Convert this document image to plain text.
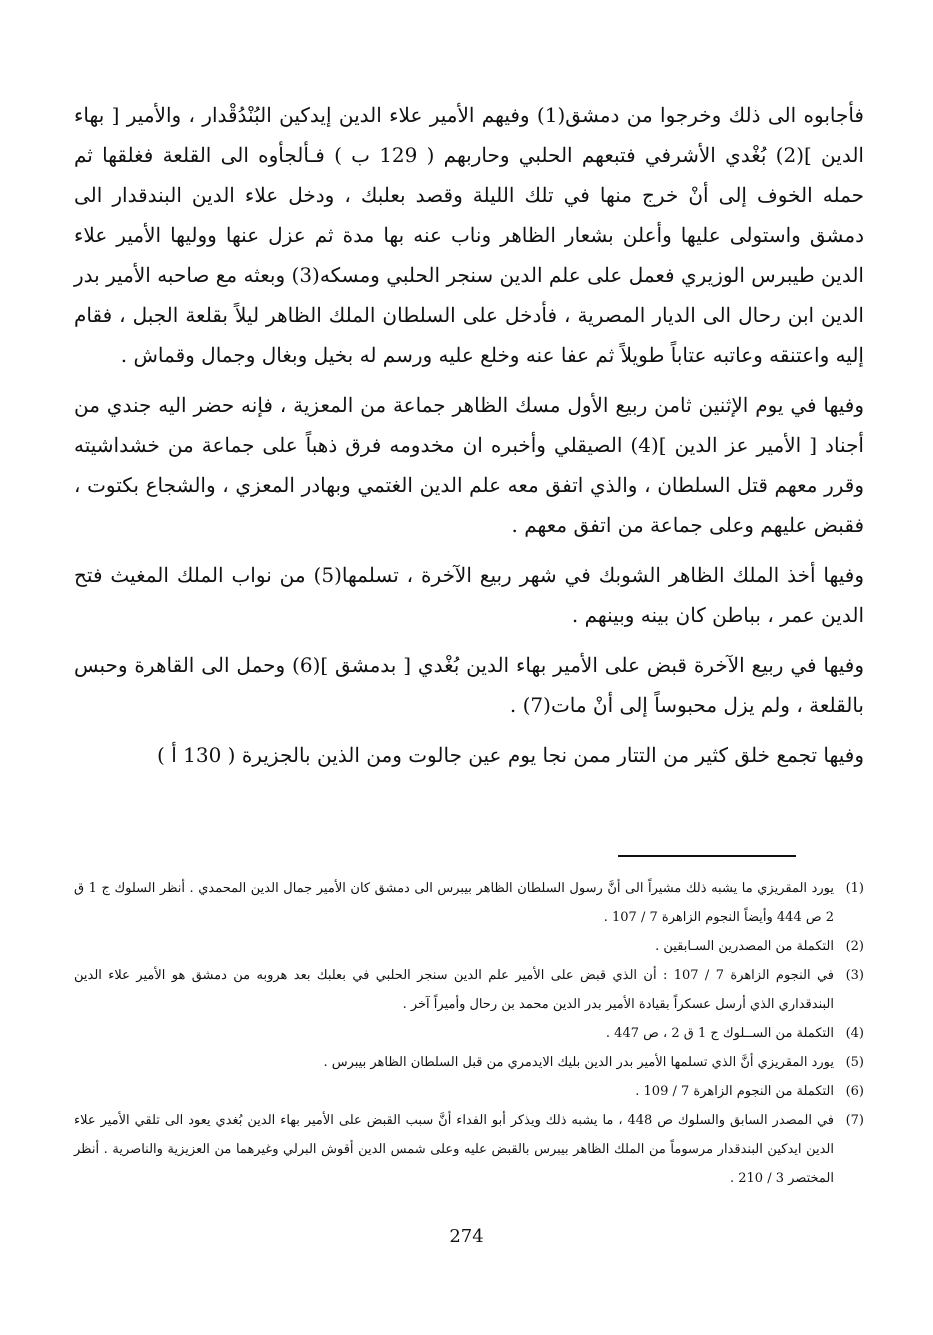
فأجابوه الى ذلك وخرجوا من دمشق(1) وفيهم الأمير علاء الدين إيدكين البُنْدُقْدار ، والأمير [ بهاء الدين ](2) بُغْدي الأشرفي فتبعهم الحلبي وحاربهم ( 129 ب ) فـألجأوه الى القلعة فغلقها ثم حمله الخوف إلى أنْ خرج منها في تلك الليلة وقصد بعلبك ، ودخل علاء الدين البندقدار الى دمشق واستولى عليها وأعلن بشعار الظاهر وناب عنه بها مدة ثم عزل عنها ووليها الأمير علاء الدين طيبرس الوزيري فعمل على علم الدين سنجر الحلبي ومسكه(3) وبعثه مع صاحبه الأمير بدر الدين ابن رحال الى الديار المصرية ، فأدخل على السلطان الملك الظاهر ليلاً بقلعة الجبل ، فقام إليه واعتنقه وعاتبه عتاباً طويلاً ثم عفا عنه وخلع عليه ورسم له بخيل وبغال وجمال وقماش .

وفيها في يوم الإثنين ثامن ربيع الأول مسك الظاهر جماعة من المعزية ، فإنه حضر اليه جندي من أجناد [ الأمير عز الدين ](4) الصيقلي وأخبره ان مخدومه فرق ذهباً على جماعة من خشداشيته وقرر معهم قتل السلطان ، والذي اتفق معه علم الدين الغتمي وبهادر المعزي ، والشجاع بكتوت ، فقبض عليهم وعلى جماعة من اتفق معهم .

وفيها أخذ الملك الظاهر الشوبك في شهر ربيع الآخرة ، تسلمها(5) من نواب الملك المغيث فتح الدين عمر ، بباطن كان بينه وبينهم .

وفيها في ربيع الآخرة قبض على الأمير بهاء الدين بُغْدي [ بدمشق ](6) وحمل الى القاهرة وحبس بالقلعة ، ولم يزل محبوساً إلى أنْ مات(7) .

وفيها تجمع خلق كثير من التتار ممن نجا يوم عين جالوت ومن الذين بالجزيرة ( 130 أ )

(1)
يورد المقريزي ما يشبه ذلك مشيراً الى أنَّ رسول السلطان الظاهر بيبرس الى دمشق كان الأمير جمال الدين المحمدي . أنظر السلوك ج 1 ق 2 ص 444 وأيضاً النجوم الزاهرة 7 / 107 .

(2)
التكملة من المصدرين السـابقين .

(3)
في النجوم الزاهرة 7 / 107 : أن الذي قبض على الأمير علم الدين سنجر الحلبي في بعلبك بعد هروبه من دمشق هو الأمير علاء الدين البندقداري الذي أرسل عسكراً بقيادة الأمير بدر الدين محمد بن رحال وأميراً آخر .

(4)
التكملة من الســلوك ج 1 ق 2 ، ص 447 .

(5)
يورد المقريزي أنَّ الذي تسلمها الأمير بدر الدين بليك الايدمري من قبل السلطان الظاهر بيبرس .

(6)
التكملة من النجوم الزاهرة 7 / 109 .

(7)
في المصدر السابق والسلوك ص 448 ، ما يشبه ذلك ويذكر أبو الفداء أنَّ سبب القبض على الأمير بهاء الدين بُغدي يعود الى تلقي الأمير علاء الدين ايدكين البندقدار مرسوماً من الملك الظاهر بيبرس بالقبض عليه وعلى شمس الدين أقوش البرلي وغيرهما من العزيزية والناصرية . أنظر المختصر 3 / 210 .

274
